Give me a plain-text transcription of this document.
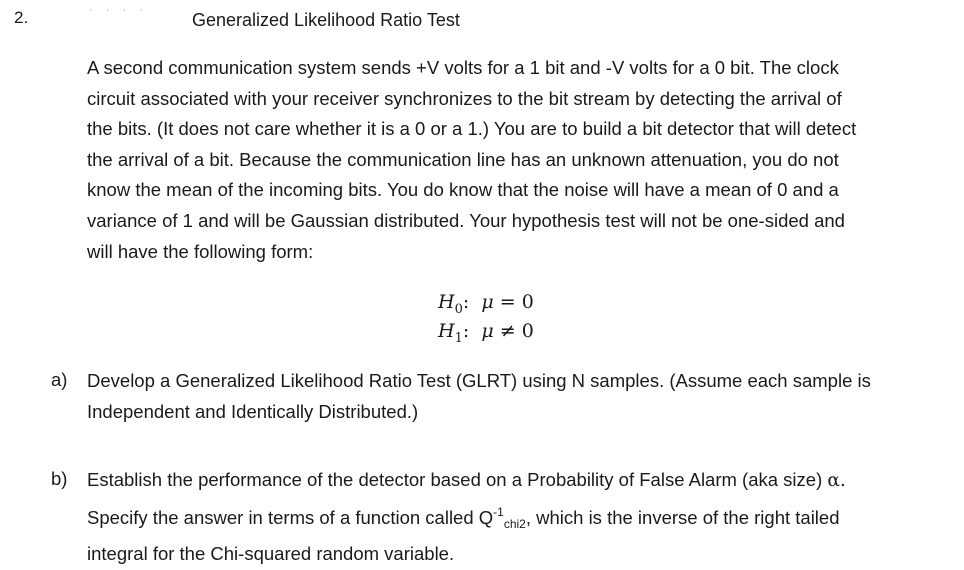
2.	' ' ' ' Generalized Likelihood Ratio Test
A second communication system sends +V volts for a 1 bit and -V volts for a 0 bit. The clock
circuit associated with your receiver synchronizes to the bit stream by detecting the arrival of
the bits. (It does not care whether it is a 0 or a 1.) You are to build a bit detector that will detect
the arrival of a bit. Because the communication line has an unknown attenuation, you do not
know the mean of the incoming bits. You do know that the noise will have a mean of 0 and a
variance of 1 and will be Gaussian distributed. Your hypothesis test will not be one-sided and
will have the following form:
$H_0$: μ = 0
$H_1$: μ ≠ 0
a) Develop a Generalized Likelihood Ratio Test (GLRT) using N samples. (Assume each sample is
Independent and Identically Distributed.)
b) Establish the performance of the detector based on a Probability of False Alarm (aka size) α.
Specify the answer in terms of a function called $Q^{-1}_{chi2}$, which is the inverse of the right tailed
integral for the Chi-squared random variable.
